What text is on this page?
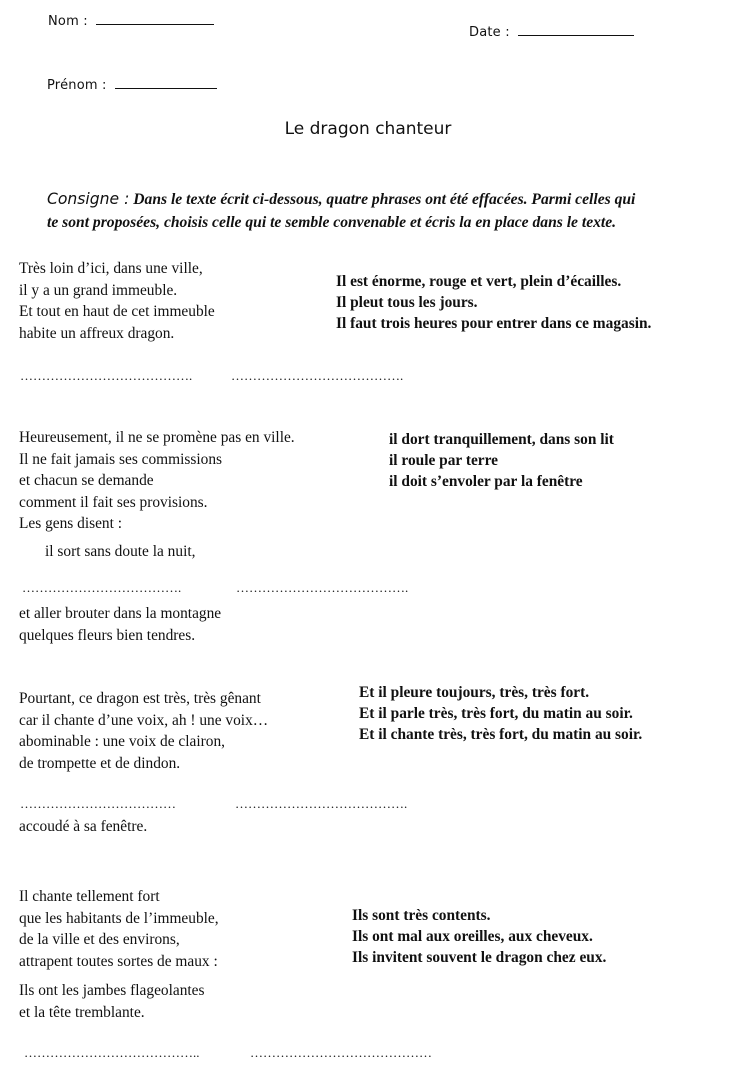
Nom :
Date :
Prénom :
Le dragon chanteur
Consigne : Dans le texte écrit ci-dessous, quatre phrases ont été effacées. Parmi celles qui
te sont proposées, choisis celle qui te semble convenable et écris la en place dans le texte.
Très loin d’ici, dans une ville,
il y a un grand immeuble.
Et tout en haut de cet immeuble
habite un affreux dragon.
Il est énorme, rouge et vert, plein d’écailles.
Il pleut tous les jours.
Il faut trois heures pour entrer dans ce magasin.
………………………………….	………………………………….
Heureusement, il ne se promène pas en ville.
Il ne fait jamais ses commissions
et chacun se demande
comment il fait ses provisions.
Les gens disent :
il dort tranquillement, dans son lit
il roule par terre
il doit s’envoler par la fenêtre
il sort sans doute la nuit,
……………………………….	………………………………….
et aller brouter dans la montagne
quelques fleurs bien tendres.
Pourtant, ce dragon est très, très gênant
car il chante d’une voix, ah ! une voix…
abominable : une voix de clairon,
de trompette et de dindon.
Et il pleure toujours, très, très fort.
Et il parle très, très fort, du matin au soir.
Et il chante très, très fort, du matin au soir.
………………………………	………………………………….
accoudé à sa fenêtre.
Il chante tellement fort
que les habitants de l’immeuble,
de la ville et des environs,
attrapent toutes sortes de maux :
Ils sont très contents.
Ils ont mal aux oreilles, aux cheveux.
Ils invitent souvent le dragon chez eux.
Ils ont les jambes flageolantes
et la tête tremblante.
…………………………………..	……………………………………
